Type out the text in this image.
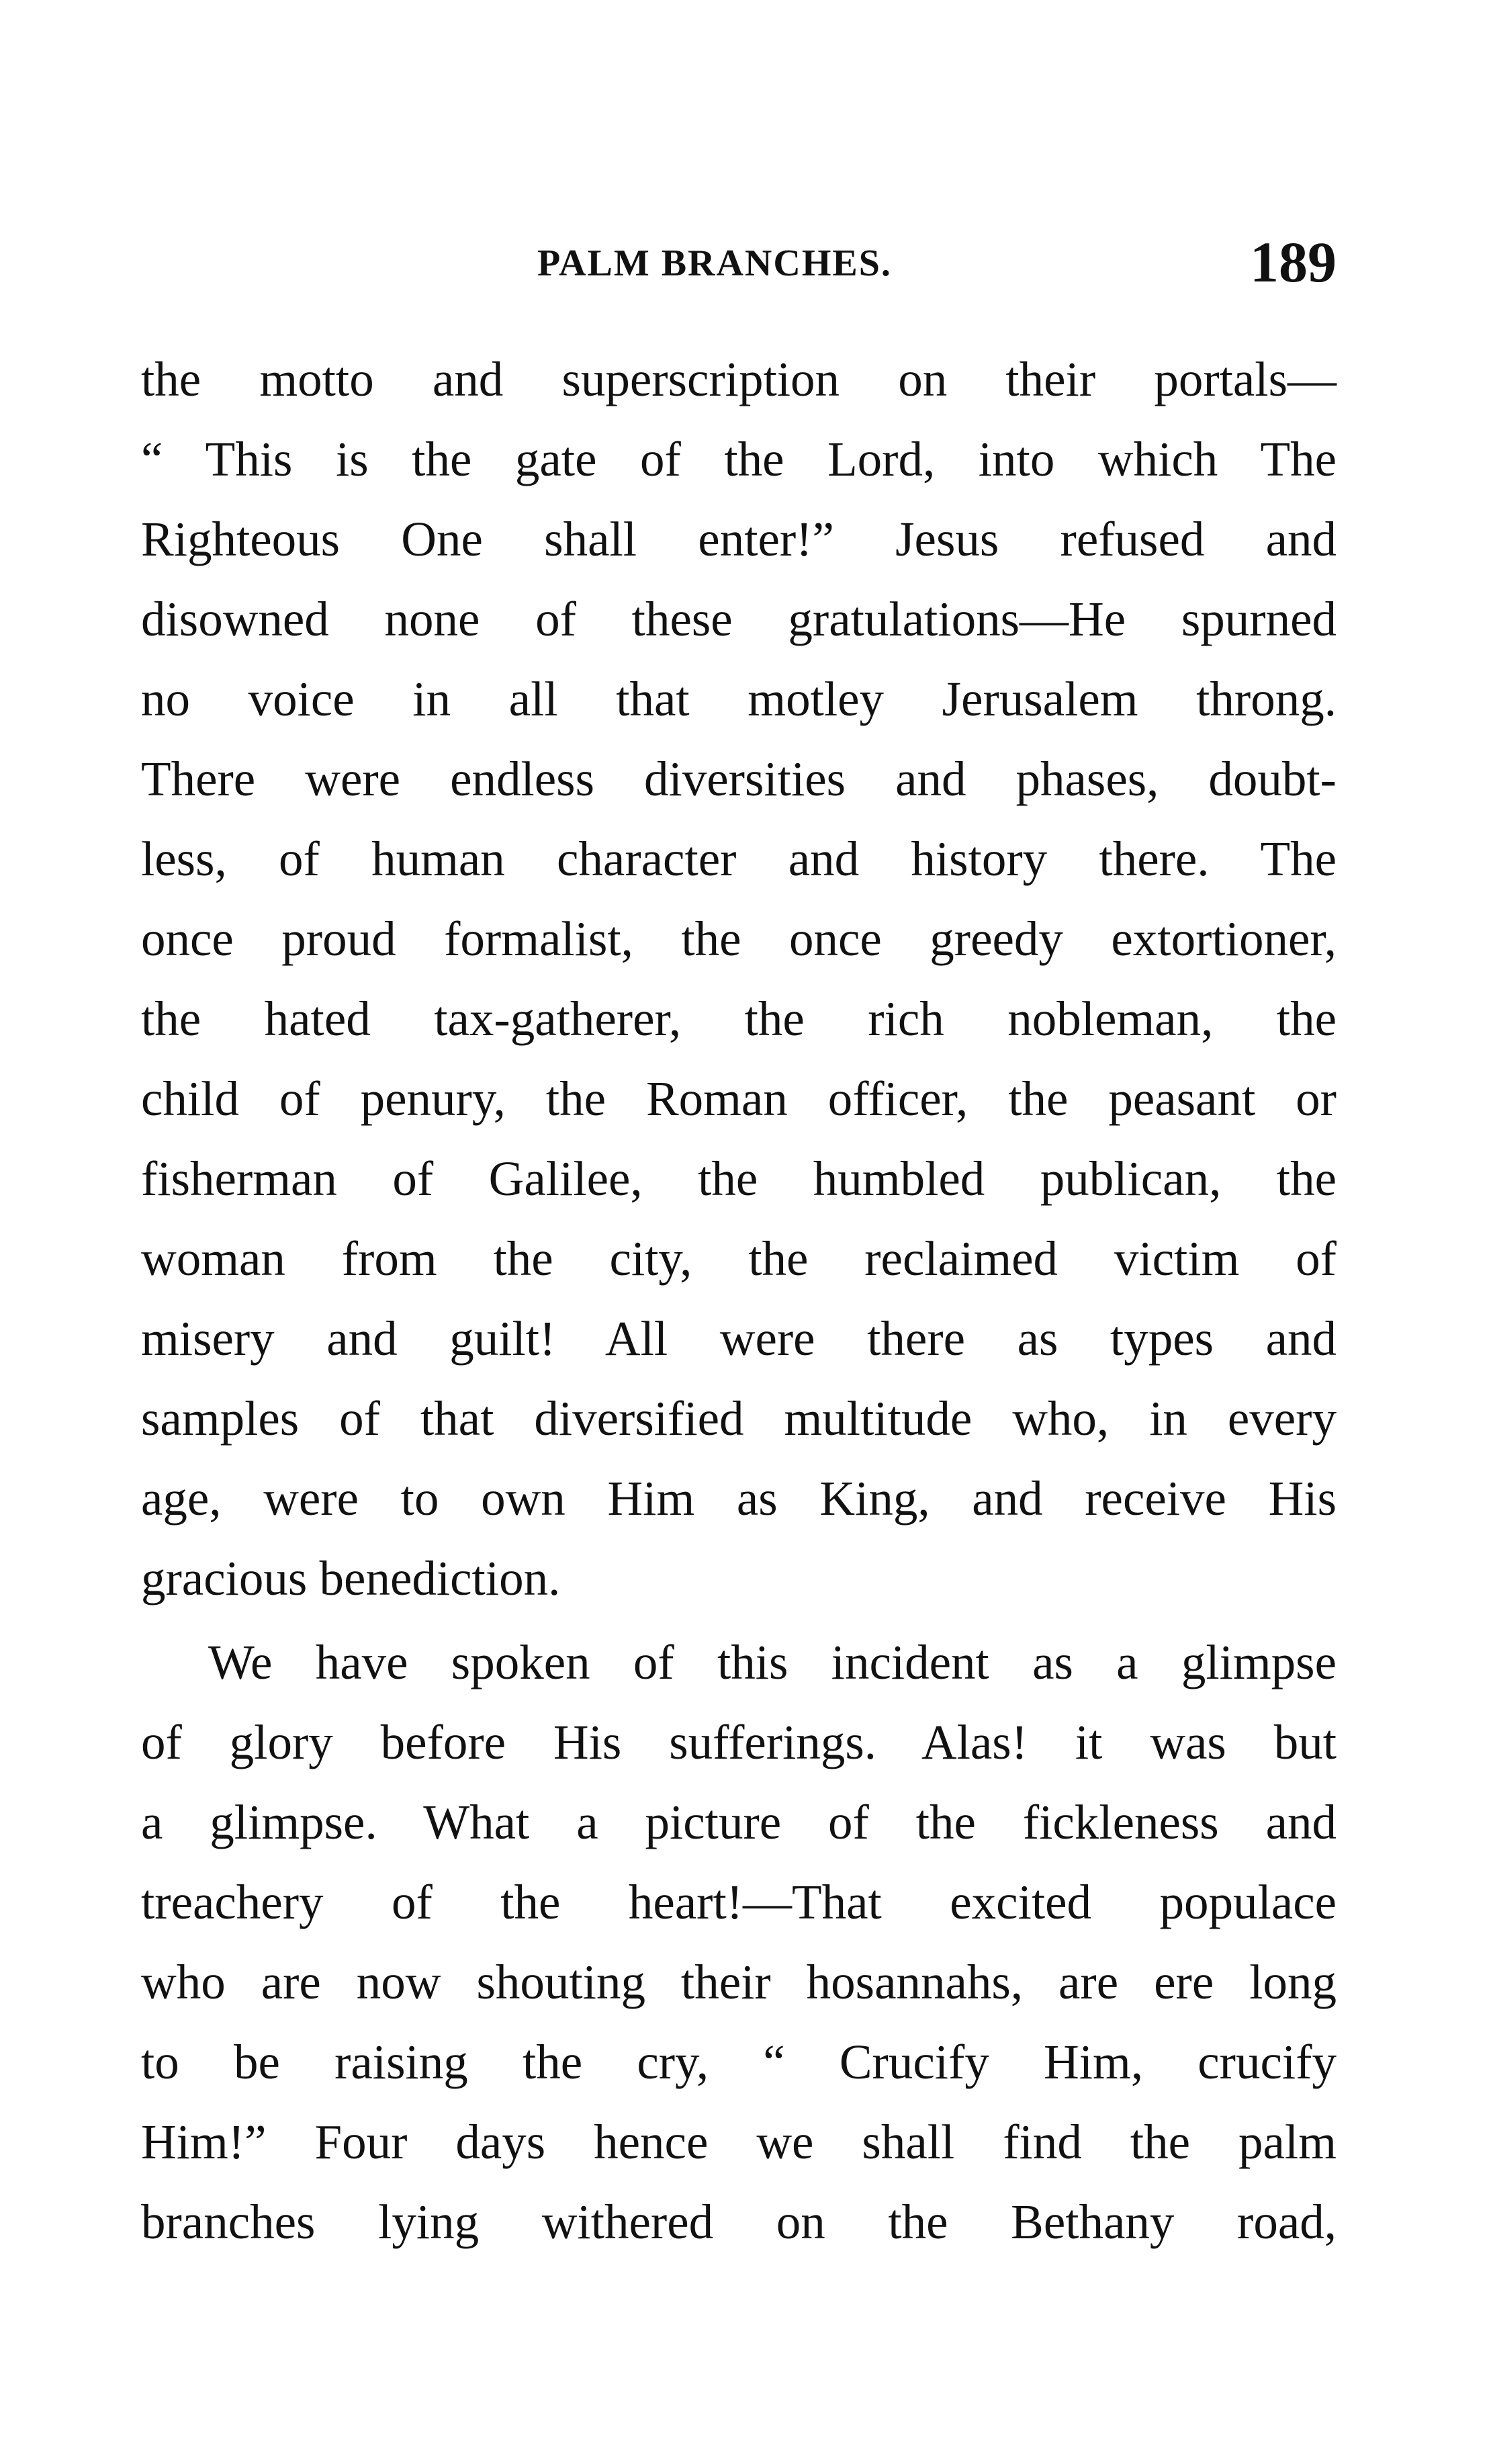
PALM BRANCHES.	189
the motto and superscription on their portals—
“ This is the gate of the Lord, into which The
Righteous One shall enter!” Jesus refused and
disowned none of these gratulations—He spurned
no voice in all that motley Jerusalem throng.
There were endless diversities and phases, doubt-
less, of human character and history there. The
once proud formalist, the once greedy extortioner,
the hated tax-gatherer, the rich nobleman, the
child of penury, the Roman officer, the peasant or
fisherman of Galilee, the humbled publican, the
woman from the city, the reclaimed victim of
misery and guilt! All were there as types and
samples of that diversified multitude who, in every
age, were to own Him as King, and receive His
gracious benediction.
We have spoken of this incident as a glimpse
of glory before His sufferings. Alas! it was but
a glimpse. What a picture of the fickleness and
treachery of the heart!—That excited populace
who are now shouting their hosannahs, are ere long
to be raising the cry, “ Crucify Him, crucify
Him!” Four days hence we shall find the palm
branches lying withered on the Bethany road,
